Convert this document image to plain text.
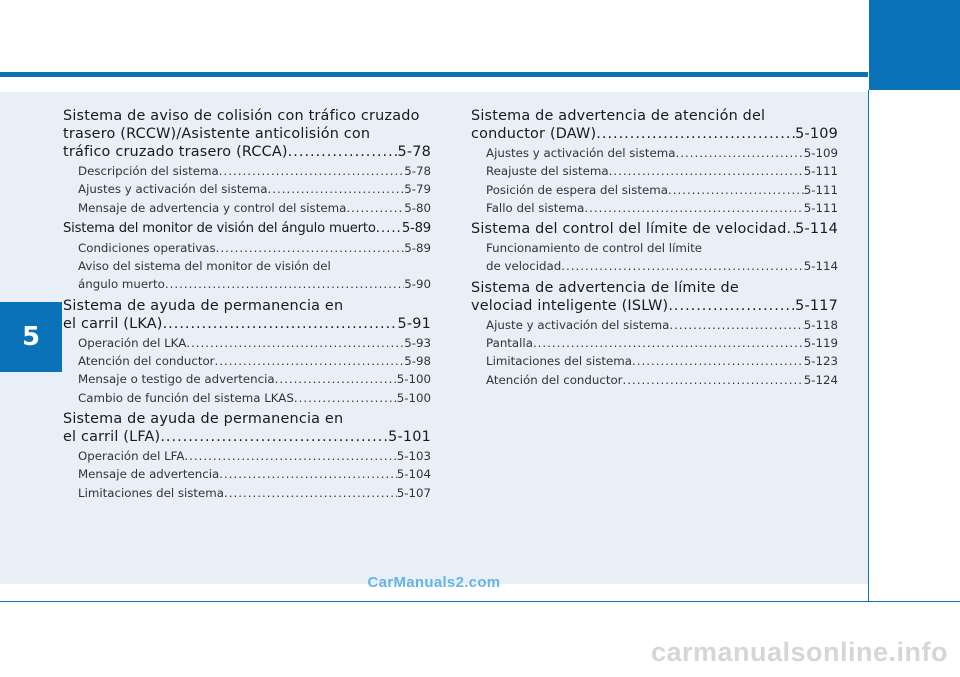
5
Sistema de aviso de colisión con tráfico cruzado
trasero (RCCW)/Asistente anticolisión con
tráfico cruzado trasero (RCCA) .....	5-78
Descripción del sistema .....	5-78
Ajustes y activación del sistema .....	5-79
Mensaje de advertencia y control del sistema .....	5-80
Sistema del monitor de visión del ángulo muerto ..... 5-89
Condiciones operativas .....	5-89
Aviso del sistema del monitor de visión del
ángulo muerto .....	5-90
Sistema de ayuda de permanencia en
el carril (LKA) .....	5-91
Operación del LKA .....	5-93
Atención del conductor .....	5-98
Mensaje o testigo de advertencia .....	5-100
Cambio de función del sistema LKAS .....	5-100
Sistema de ayuda de permanencia en
el carril (LFA) .....	5-101
Operación del LFA .....	5-103
Mensaje de advertencia .....	5-104
Limitaciones del sistema .....	5-107
Sistema de advertencia de atención del
conductor (DAW) .....	5-109
Ajustes y activación del sistema .....	5-109
Reajuste del sistema .....	5-111
Posición de espera del sistema .....	5-111
Fallo del sistema .....	5-111
Sistema del control del límite de velocidad ..... 5-114
Funcionamiento de control del límite
de velocidad .....	5-114
Sistema de advertencia de límite de
velociad inteligente (ISLW) .....	5-117
Ajuste y activación del sistema .....	5-118
Pantalla .....	5-119
Limitaciones del sistema .....	5-123
Atención del conductor .....	5-124
CarManuals2.com
carmanualsonline.info
